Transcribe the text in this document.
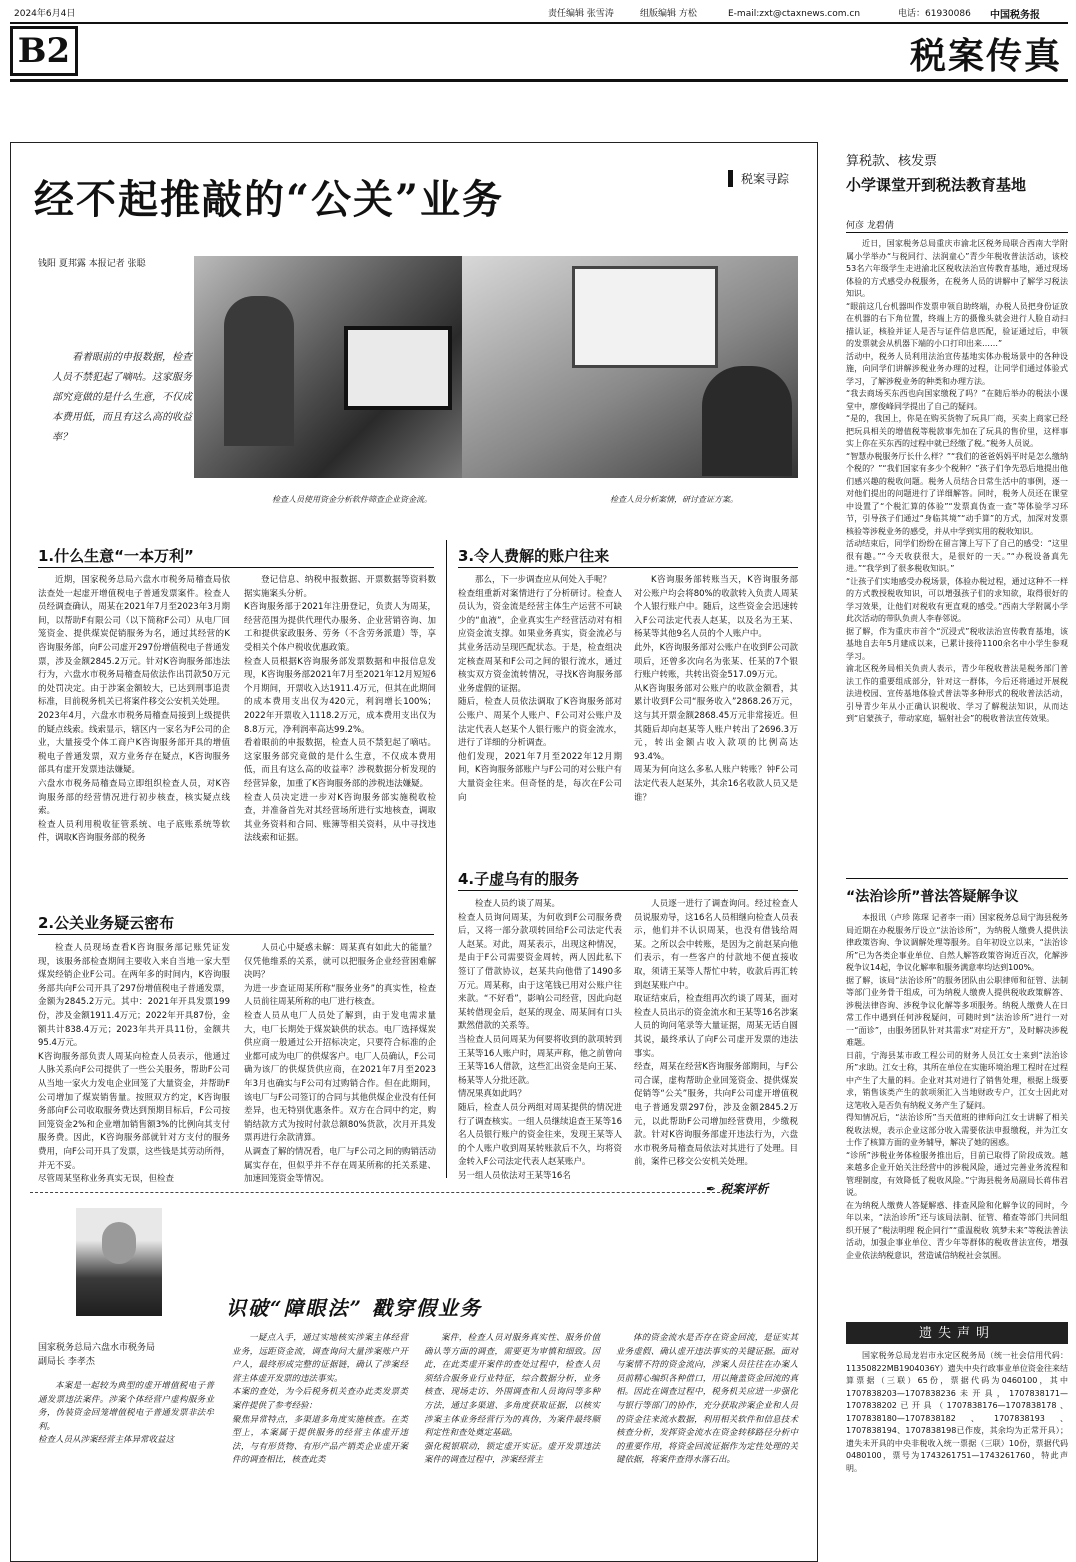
2024年6月4日	责任编辑 张雪涛	组版编辑 方松	E-mail:zxt@ctaxnews.com.cn	电话：61930086 中国税务报
B2	税案传真
经不起推敲的“公关”业务	税案寻踪
钱阳 夏邦露 本报记者 张聪
看着眼前的申报数据，检查人员不禁犯起了嘀咕。这家服务部究竟做的是什么生意，不仅成本费用低，而且有这么高的收益率？
检查人员使用资金分析软件筛查企业资金流。	检查人员分析案情，研讨查证方案。
1.什么生意“一本万利”
近期，国家税务总局六盘水市税务局稽查局依法查处一起虚开增值税电子普通发票案件。检查人员经调查确认，周某在2021年7月至2023年3月期间，以帮助F有限公司（以下简称F公司）从电厂回笼资金、提供煤炭促销服务为名，通过其经营的K咨询服务部，向F公司虚开297份增值税电子普通发票，涉及金额2845.2万元。针对K咨询服务部违法行为，六盘水市税务局稽查局依法作出罚款50万元的处罚决定。由于涉案金额较大，已达到刑事追责标准，目前税务机关已将案件移交公安机关处理。
2023年4月，六盘水市税务局稽查局接到上级提供的疑点线索。线索显示，辖区内一家名为F公司的企业，大量接受个体工商户K咨询服务部开具的增值税电子普通发票，双方业务存在疑点，K咨询服务部具有虚开发票违法嫌疑。
六盘水市税务局稽查局立即组织检查人员，对K咨询服务部的经营情况进行初步核查，核实疑点线索。
检查人员利用税收征管系统、电子底账系统等软件，调取K咨询服务部的税务
登记信息、纳税申报数据、开票数据等资料数据实施案头分析。
K咨询服务部于2021年注册登记，负责人为周某，经营范围为提供代理代办服务、企业营销咨询、加工和提供家政服务、劳务（不含劳务派遣）等，享受相关个体户税收优惠政策。
检查人员根据K咨询服务部发票数据和申报信息发现，K咨询服务部2021年7月至2021年12月短短6个月期间，开票收入达1911.4万元，但其在此期间的成本费用支出仅为420元，利润增长100%；2022年开票收入1118.2万元，成本费用支出仅为8.8万元，净利润率高达99.2%。
看着眼前的申报数据，检查人员不禁犯起了嘀咕。这家服务部究竟做的是什么生意，不仅成本费用低，而且有这么高的收益率？涉税数据分析发现的经营异象，加重了K咨询服务部的涉税违法嫌疑。
检查人员决定进一步对K咨询服务部实施税收检查，并准备首先对其经营场所进行实地核查，调取其业务资料和合同、账簿等相关资料，从中寻找违法线索和证据。
2.公关业务疑云密布
检查人员现场查看K咨询服务部记账凭证发现，该服务部检查期间主要收入来自当地一家大型煤炭经销企业F公司。在两年多的时间内，K咨询服务部共向F公司开具了297份增值税电子普通发票，金额为2845.2万元。其中：2021年开具发票199份，涉及金额1911.4万元；2022年开具87份，金额共计838.4万元；2023年共开具11份，金额共95.4万元。
K咨询服务部负责人周某向检查人员表示，他通过人脉关系向F公司提供了一些公关服务，帮助F公司从当地一家火力发电企业回笼了大量资金，并帮助F公司增加了煤炭销售量。按照双方约定，K咨询服务部向F公司收取服务费达到预期目标后，F公司按回笼资金2%和企业增加销售额3%的比例向其支付服务费。因此，K咨询服务部就针对方支付的服务费用，向F公司开具了发票，这些钱是其劳动所得，并无不妥。
尽管周某坚称业务真实无误，但检查
人员心中疑惑未解：周某真有如此大的能量？仅凭他维系的关系，就可以把服务企业经营困难解决吗？
为进一步查证周某所称“服务业务”的真实性，检查人员前往周某所称的电厂进行核查。
检查人员从电厂人员处了解到，由于发电需求量大，电厂长期处于煤炭缺供的状态。电厂选择煤炭供应商一般通过公开招标决定，只要符合标准的企业都可成为电厂的供煤客户。电厂人员确认，F公司确为该厂的供煤货供应商，在2021年7月至2023年3月也确实与F公司有过购销合作。但在此期间，该电厂与F公司签订的合同与其他供煤企业没有任何差异，也无特别优惠条件。双方在合同中约定，购销结款方式为按时付款总额80%货款，次月开具发票再进行余款清算。
从调查了解的情况看，电厂与F公司之间的购销活动属实存在，但似乎并不存在周某所称的托关系建、加速回笼资金等情况。
3.令人费解的账户往来
那么，下一步调查应从何处入手呢？
检查组重新对案情进行了分析研讨。检查人员认为，资金流是经营主体生产运营不可缺少的“血液”，企业真实生产经营活动对有相应资金流支撑。如果业务真实，资金流必与其业务活动呈现匹配状态。于是，检查组决定核查周某和F公司之间的银行流水，通过核实双方资金流转情况，寻找K咨询服务部业务虚假的证据。
随后，检查人员依法调取了K咨询服务部对公账户、周某个人账户、F公司对公账户及法定代表人赵某个人银行账户的资金流水，进行了详细的分析调查。
他们发现，2021年7月至2022年12月期间，K咨询服务部账户与F公司的对公账户有大量资金往来。但奇怪的是，每次在F公司向
K咨询服务部转账当天，K咨询服务部对公账户均会将80%的收款转入负责人周某个人银行账户中。随后，这些资金会迅速转入F公司法定代表人赵某，以及名为王某、杨某等其他9名人员的个人账户中。
此外，K咨询服务部对公账户在收到F公司款项后，还曾多次向名为张某、任某的7个银行账户转账，共转出资金517.09万元。
从K咨询服务部对公账户的收款金额看，其累计收到F公司“服务收入”2868.26万元，这与其开票金额2868.45万元非常接近。但其随后却向赵某等人账户转出了2696.3万元，转出金额占收入款项的比例高达93.4%。
周某为何向这么多私人账户转账？钟F公司法定代表人赵某外，其余16名收款人员又是谁？
4.子虚乌有的服务
检查人员约谈了周某。
检查人员询问周某，为何收到F公司服务费后，又将一部分款项转回给F公司法定代表人赵某。对此，周某表示，出现这种情况，是由于F公司需要资金周转，两人因此私下签订了借款协议，赵某共向他借了1490多万元。周某称，由于这笔钱已用对公账户往来款。“不好看”，影响公司经营，因此向赵某转借现金后，赵某的现金、周某间有口头默然借款的关系等。
当检查人员问周某为何要将收到的款项转到王某等16人账户时，周某声称，他之前曾向王某等16人借款，这些汇出资金是向王某、杨某等人分批还款。
情况果真如此吗？
随后，检查人员分两组对周某提供的情况进行了调查核实。一组人员继续追查王某等16名人员银行账户的资金往来，发现王某等人的个人账户收到周某转账款后不久，均将资金转入F公司法定代表人赵某账户。
另一组人员依法对王某等16名
人员逐一进行了调查询问。经过检查人员说服劝导，这16名人员相继向检查人员表示，他们并不认识周某，也没有借钱给周某。之所以会中转账，是因为之前赵某向他们表示，有一些客户的付款地不便直接收取，须请王某等人帮忙中转，收款后再汇转到赵某账户中。
取证结束后，检查组再次约谈了周某，面对检查人员出示的资金流水和王某等16名涉案人员的询问笔录等大量证据，周某无话自圆其说，最终承认了向F公司虚开发票的违法事实。
经查，周某在经营K咨询服务部期间，与F公司合谋，虚构帮助企业回笼资金、提供煤炭促销等“公关”服务，共向F公司虚开增值税电子普通发票297份，涉及金额2845.2万元，以此帮助F公司增加经营费用，少缴税款。针对K咨询服务部虚开违法行为，六盘水市税务局稽查局依法对其进行了处理。目前，案件已移交公安机关处理。
✒ 税案评析
国家税务总局六盘水市税务局
副局长 李孝杰
识破“障眼法” 戳穿假业务
本案是一起较为典型的虚开增值税电子普通发票违法案件。涉案个体经营户虚构服务业务，伪装资金回笼增值税电子普通发票非法牟利。
检查人员从涉案经营主体异常收益这
一疑点入手，通过实地核实涉案主体经营业务，远距资金流，调查询问大量涉案账户开户人，最终形成完整的证据链，确认了涉案经营主体虚开发票的违法事实。
本案的查处，为今后税务机关查办此类发票类案件提供了参考经验：
聚焦异常特点，多渠道多角度实施核查。在类型上，本案属于提供服务的经营主体虚开违法，与有形货物、有形产品产销类企业虚开案件的调查相比，核查此类
案件，检查人员对服务真实性、服务价值确认等方面的调查，需要更为审慎和细致。因此，在此类虚开案件的查处过程中，检查人员须结合服务业行业特征，综合数据分析，业务核查、现场走访、外围调查和人员询问等多种方法，通过多渠道、多角度获取证据，以核实涉案主体业务经营行为的真伪，为案件最终顺利定性和查处奠定基础。
强化税银联动，锁定虚开实证。虚开发票违法案件的调查过程中，涉案经营主
体的资金流水是否存在资金回流，是证实其业务虚假、确认虚开违法事实的关键证据。面对与案情不符的资金流向，涉案人员往往在办案人员前精心编织各种借口，用以掩盖资金回流的真相。因此在调查过程中，税务机关应进一步强化与银行等部门的协作，充分获取涉案企业和人员的资金往来流水数据，利用相关软件和信息技术核查分析，发挥资金流水在资金转移路径分析中的重要作用，将资金回流证据作为定性处理的关键依据，将案件查得水落石出。
算税款、核发票
小学课堂开到税法教育基地
何彦 龙碧倩
近日，国家税务总局重庆市渝北区税务局联合西南大学附属小学举办“与税同行、法润童心”青少年税收普法活动，该校53名六年级学生走进渝北区税收法治宣传教育基地，通过现场体验的方式感受办税服务，在税务人员的讲解中了解学习税法知识。
“眼前这几台机器叫作发票申领自助终端，办税人员把身份证放在机器的右下角位置，终端上方的摄像头就会进行人脸自动扫描认证，核验并证人是否与证件信息匹配，验证通过后，申领的发票就会从机器下端的小口打印出来……”
活动中，税务人员利用法治宣传基地实体办税场景中的各种设施，向同学们讲解涉税业务办理的过程，让同学们通过体验式学习，了解涉税业务的种类和办理方法。
“我去商场买东西也向国家缴税了吗？”在随后举办的税法小课堂中，廖俊峰同学提出了自己的疑问。
“是的，我国上，你是在购买货物了玩具厂商，买卖上商家已经把玩具相关的增值税等税款事先加在了玩具的售价里，这样事实上你在买东西的过程中就已经缴了税。”税务人员说。
“智慧办税服务厅长什么样？”“我们的爸爸妈妈平时是怎么缴纳个税的？”“我们国家有多少个税种？”孩子们争先恐后地提出他们感兴趣的税收问题。税务人员结合日常生活中的事例，逐一对他们提出的问题进行了详细解答。同时，税务人员还在课堂中设置了“个税汇算的体验”“发票真伪查一查”等体验学习环节，引导孩子们通过“身临其境”“动手算”的方式，加深对发票核验等涉税业务的感受，并从中学到实用的税收知识。
活动结束后，同学们纷纷在留言簿上写下了自己的感受：“这里很有趣。”“今天收获很大，是很好的一天。”“办税设备真先进。”“我学到了很多税收知识。”
“让孩子们实地感受办税场景，体验办税过程，通过这种不一样的方式教授税收知识，可以增强孩子们的求知欲，取得很好的学习效果，让他们对税收有更直观的感受。”西南大学附属小学此次活动的带队负责人李春邻说。
据了解，作为重庆市首个“沉浸式”税收法治宣传教育基地，该基地自去年5月建成以来，已累计接待1100余名中小学生参观学习。
渝北区税务局相关负责人表示，青少年税收普法是税务部门普法工作的重要组成部分，针对这一群体，今后还将通过开展税法进校园、宣传基地体验式普法等多种形式的税收普法活动，引导青少年从小正确认识税收、学习了解税法知识，从而达到“启蒙孩子，带动家庭，辐射社会”的税收普法宣传效果。
“法治诊所”普法答疑解争议
本报讯（卢珍 陈琛 记者李一雨）国家税务总局宁海县税务局近期在办税服务厅设立“法治诊所”，为纳税人缴费人提供法律政策咨询、争议调解处理等服务。自年初设立以来，“法治诊所”已为各类企事业单位、自然人解答政策咨询近百次，化解涉税争议14起，争议化解率和服务满意率均达到100%。
据了解，该局“法治诊所”的服务团队由公职律师和征管、法制等部门业务骨干组成，可为纳税人缴费人提供税收政策解答、涉税法律咨询、涉税争议化解等多项服务。纳税人缴费人在日常工作中遇到任何涉税疑问，可随时到“法治诊所”进行一对一“面诊”，由服务团队针对其需求“对症开方”，及时解决涉税难题。
日前，宁海县某市政工程公司的财务人员江女士来到“法治诊所”求助。江女士称，其所在单位在实施环境治理工程时在过程中产生了大量的料。企业对其对进行了销售处理，根据上级要求，销售该类产生的款项须汇入当地财政专户，江女士因此对这笔收入是否负有纳税义务产生了疑问。
得知情况后，“法治诊所”当天值班的律师向江女士讲解了相关税收法规，表示企业这部分收入需要依法申报缴税，并为江女士作了核算方面的业务辅导，解决了她的困惑。
“诊所”涉税业务体检服务推出后，目前已取得了阶段成效。越来越多企业开始关注经营中的涉税风险，通过完善业务流程和管理制度，有效降低了税收风险。”宁海县税务局副局长蒋伟君说。
在为纳税人缴费人答疑解惑、排查风险和化解争议的同时，今年以来，“法治诊所”还与该局法制、征管、稽查等部门共同组织开展了“税法明理 税企同行”“重温税收 筑梦未来”等税法普法活动，加强企事业单位、青少年等群体的税收普法宣传，增强企业依法纳税意识，营造诚信纳税社会氛围。
遗失声明
国家税务总局龙岩市永定区税务局（统一社会信用代码：11350822MB1904036Y）遗失中央行政事业单位资金往来结算票据（三联）65份，票据代码为0460100，其中1707838203—1707838236未开具，1707838171—1707838202已开具（1707838176—1707838178、1707838180—1707838182、1707838193、1707838194、1707838198已作废，其余均为正常开具）；遗失未开具的中央非税收入统一票据（三联）10份，票据代码0480100，票号为1743261751—1743261760，特此声明。
